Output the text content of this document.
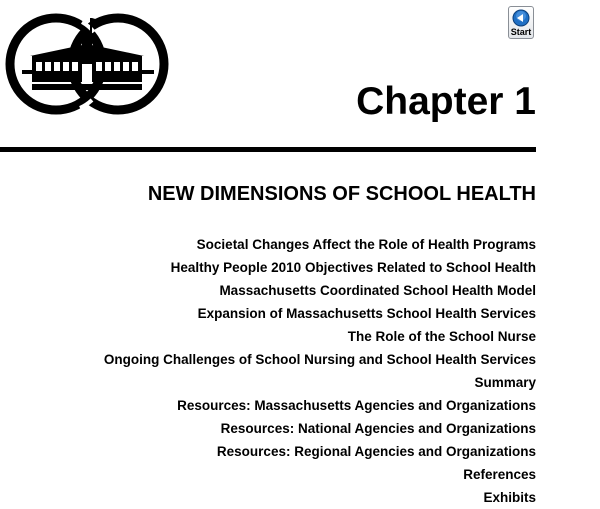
Start
Chapter 1
NEW DIMENSIONS OF SCHOOL HEALTH
Societal Changes Affect the Role of Health Programs
Healthy People 2010 Objectives Related to School Health
Massachusetts Coordinated School Health Model
Expansion of Massachusetts School Health Services
The Role of the School Nurse
Ongoing Challenges of School Nursing and School Health Services
Summary
Resources: Massachusetts Agencies and Organizations
Resources: National Agencies and Organizations
Resources: Regional Agencies and Organizations
References
Exhibits
